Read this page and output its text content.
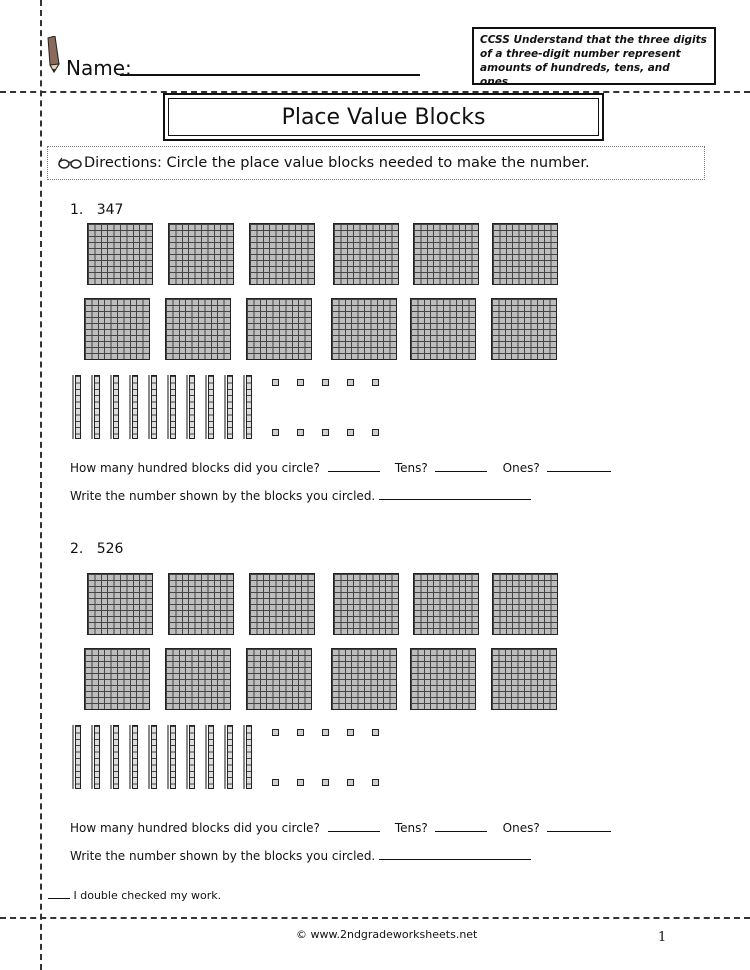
Name:
CCSS Understand that the three digits of a three-digit number represent amounts of hundreds, tens, and ones...
Place Value Blocks
Directions: Circle the place value blocks needed to make the number.
1. 347
How many hundred blocks did you circle?	Tens?	Ones?
Write the number shown by the blocks you circled.
2. 526
How many hundred blocks did you circle?	Tens?	Ones?
Write the number shown by the blocks you circled.
I double checked my work.
© www.2ndgradeworksheets.net	1
